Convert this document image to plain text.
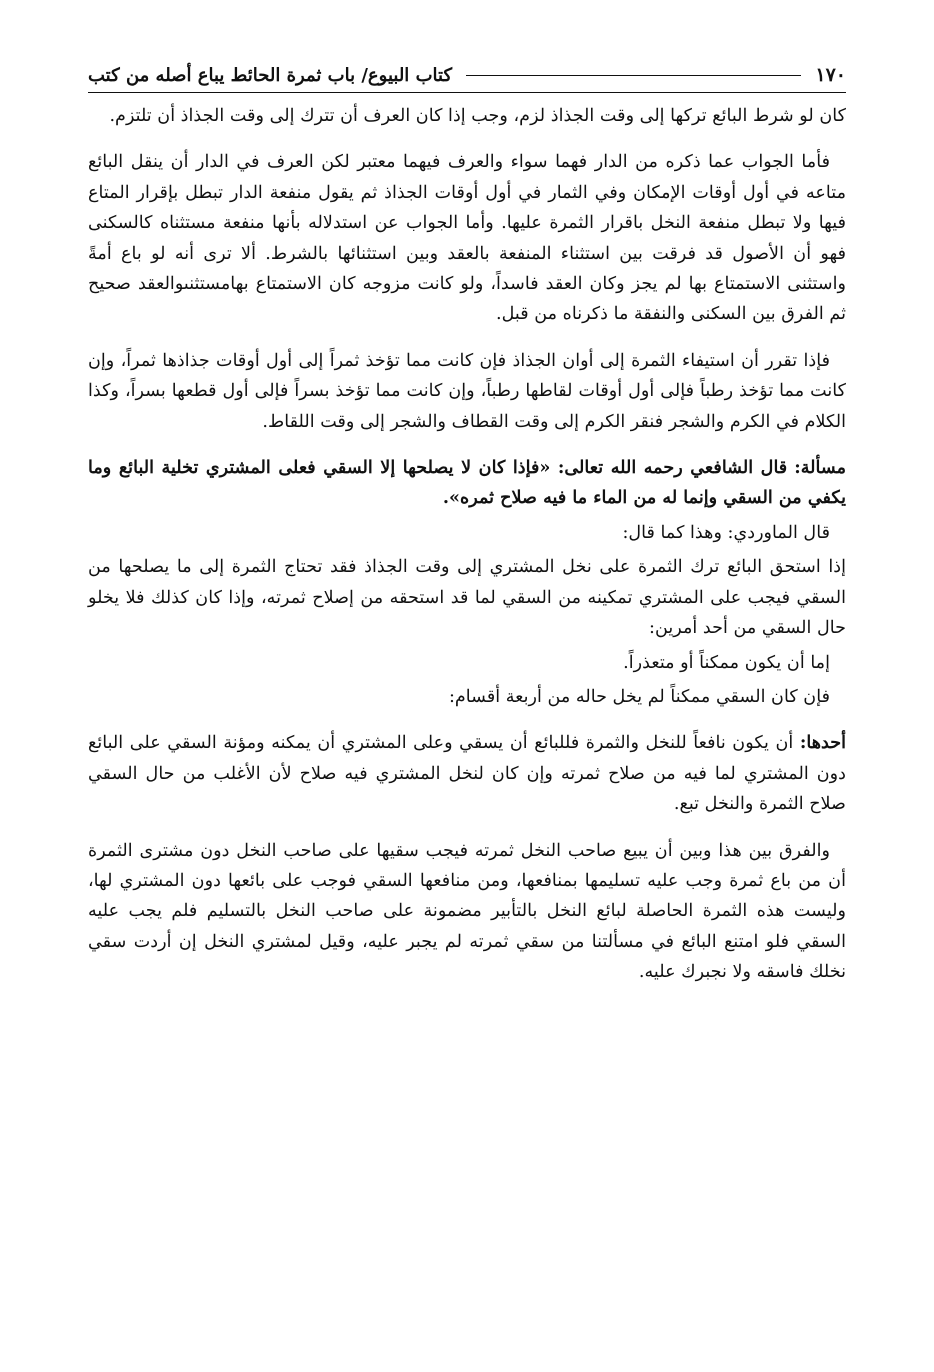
١٧٠
كتاب البيوع/ باب ثمرة الحائط يباع أصله من كتب

كان لو شرط البائع تركها إلى وقت الجذاذ لزم، وجب إذا كان العرف أن تترك إلى وقت الجذاذ أن تلتزم.

فأما الجواب عما ذكره من الدار فهما سواء والعرف فيهما معتبر لكن العرف في الدار أن ينقل البائع متاعه في أول أوقات الإمكان وفي الثمار في أول أوقات الجذاذ ثم يقول منفعة الدار تبطل بإقرار المتاع فيها ولا تبطل منفعة النخل باقرار الثمرة عليها. وأما الجواب عن استدلاله بأنها منفعة مستثناه كالسكنى فهو أن الأصول قد فرقت بين استثناء المنفعة بالعقد وبين استثنائها بالشرط. ألا ترى أنه لو باع أمةً واستثنى الاستمتاع بها لم يجز وكان العقد فاسداً، ولو كانت مزوجه كان الاستمتاع بهامستثنىوالعقد صحيح ثم الفرق بين السكنى والنفقة ما ذكرناه من قبل.

فإذا تقرر أن استيفاء الثمرة إلى أوان الجذاذ فإن كانت مما تؤخذ ثمراً إلى أول أوقات جذاذها ثمراً، وإن كانت مما تؤخذ رطباً فإلى أول أوقات لقاطها رطباً، وإن كانت مما تؤخذ بسراً فإلى أول قطعها بسراً، وكذا الكلام في الكرم والشجر فنقر الكرم إلى وقت القطاف والشجر إلى وقت اللقاط.

مسألة: قال الشافعي رحمه الله تعالى: «فإذا كان لا يصلحها إلا السقي فعلى المشتري تخلية البائع وما يكفي من السقي وإنما له من الماء ما فيه صلاح ثمره».

قال الماوردي: وهذا كما قال:

إذا استحق البائع ترك الثمرة على نخل المشتري إلى وقت الجذاذ فقد تحتاج الثمرة إلى ما يصلحها من السقي فيجب على المشتري تمكينه من السقي لما قد استحقه من إصلاح ثمرته، وإذا كان كذلك فلا يخلو حال السقي من أحد أمرين:

إما أن يكون ممكناً أو متعذراً.

فإن كان السقي ممكناً لم يخل حاله من أربعة أقسام:

أحدها: أن يكون نافعاً للنخل والثمرة فللبائع أن يسقي وعلى المشتري أن يمكنه ومؤنة السقي على البائع دون المشتري لما فيه من صلاح ثمرته وإن كان لنخل المشتري فيه صلاح لأن الأغلب من حال السقي صلاح الثمرة والنخل تبع.

والفرق بين هذا وبين أن يبيع صاحب النخل ثمرته فيجب سقيها على صاحب النخل دون مشترى الثمرة أن من باع ثمرة وجب عليه تسليمها بمنافعها، ومن منافعها السقي فوجب على بائعها دون المشتري لها، وليست هذه الثمرة الحاصلة لبائع النخل بالتأبير مضمونة على صاحب النخل بالتسليم فلم يجب عليه السقي فلو امتنع البائع في مسألتنا من سقي ثمرته لم يجبر عليه، وقيل لمشتري النخل إن أردت سقي نخلك فاسقه ولا نجبرك عليه.
